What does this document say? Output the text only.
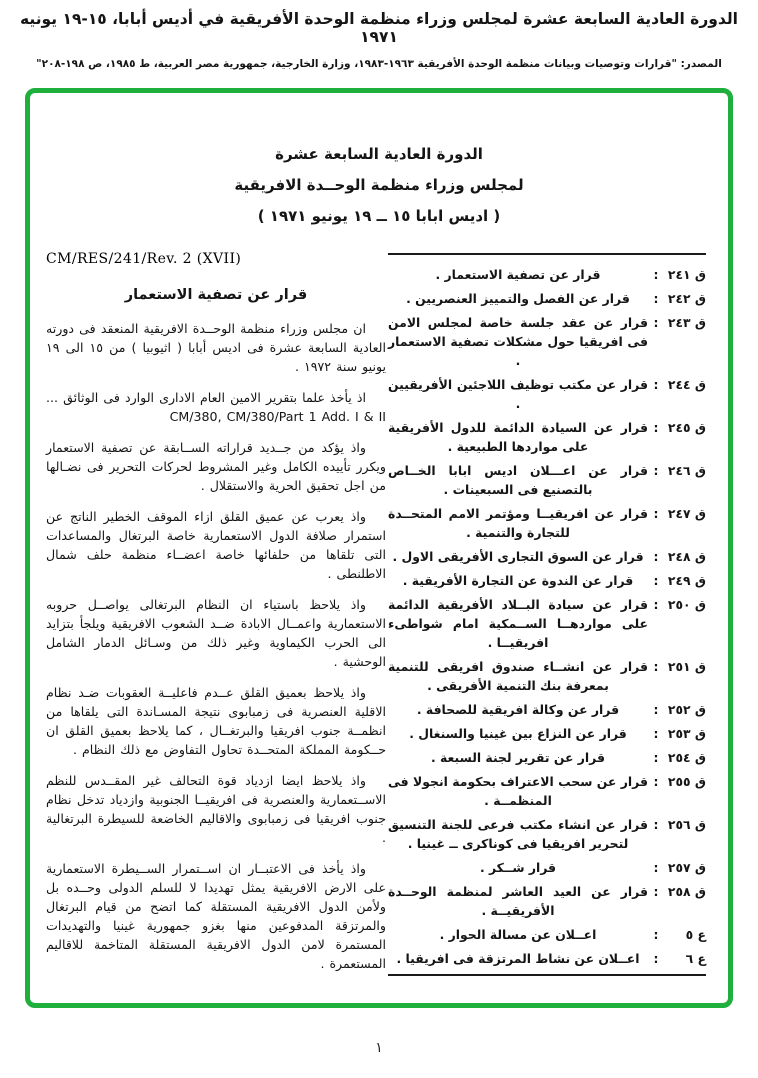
الدورة العادية السابعة عشرة لمجلس وزراء منظمة الوحدة الأفريقية في أديس أبابا، ١٥-١٩ يونيه ١٩٧١
المصدر: "قرارات وتوصيات وبيانات منظمة الوحدة الأفريقية ١٩٦٣-١٩٨٣، وزارة الخارجية، جمهورية مصر العربية، ط ١٩٨٥، ص ١٩٨-٢٠٨"
الدورة العادية السابعة عشرة
لمجلس وزراء منظمة الوحــدة الافريقية
( اديس ابابا ١٥ ــ ١٩ يونيو ١٩٧١ )
CM/RES/241/Rev. 2 (XVII)
قرار عن تصفية الاستعمار
ان مجلس وزراء منظمة الوحــدة الافريقية المنعقد فى دورته العادية السابعة عشرة فى اديس أبابا ( اثيوبيا ) من ١٥ الى ١٩ يونيو سنة ١٩٧٢ .
اذ يأخذ علما بتقرير الامين العام الادارى الوارد فى الوثائق ... CM/380, CM/380/Part 1 Add. I & II
واذ يؤكد من جــديد قراراته الســابقة عن تصفية الاستعمار ويكرر تأييده الكامل وغير المشروط لحركات التحرير فى نضـالها من اجل تحقيق الحرية والاستقلال .
واذ يعرب عن عميق القلق ازاء الموقف الخطير الناتج عن استمرار صلافة الدول الاستعمارية خاصة البرتغال والمساعدات التى تلقاها من حلفائها خاصة اعضــاء منظمة حلف شمال الاطلنطى .
واذ يلاحظ باستياء ان النظام البرتغالى يواصــل حروبه الاستعمارية واعمــال الابادة ضــد الشعوب الافريقية ويلجأ بتزايد الى الحرب الكيماوية وغير ذلك من وسـائل الدمار الشامل الوحشية .
واذ يلاحظ بعميق القلق عــدم فاعليــة العقوبات ضـد نظام الاقلية العنصرية فى زمبابوى نتيجة المسـاندة التى يلقاها من انظمــة جنوب افريقيا والبرتغــال ، كما يلاحظ بعميق القلق ان حــكومة المملكة المتحــدة تحاول التفاوض مع ذلك النظام .
واذ يلاحظ ايضا ازدياد قوة التحالف غير المقــدس للنظم الاســتعمارية والعنصرية فى افريقيــا الجنوبية وازدياد تدخل نظام جنوب افريقيا فى زمبابوى والاقاليم الخاضعة للسيطرة البرتغالية .
واذ يأخذ فى الاعتبــار ان اســتمرار الســيطرة الاستعمارية على الارض الافريقية يمثل تهديدا لا للسلم الدولى وحــده بل ولأمن الدول الافريقية المستقلة كما اتضح من قيام البرتغال والمرتزقة المدفوعين منها بغزو جمهورية غينيا والتهديدات المستمرة لامن الدول الافريقية المستقلة المتاخمة للاقاليم المستعمرة .
ق ٢٤١
:
قرار عن تصفية الاستعمار .
ق ٢٤٢
:
قرار عن الفصل والتمييز العنصريين .
ق ٢٤٣
:
قرار عن عقد جلسة خاصة لمجلس الامن فى افريقيا حول مشكلات تصفية الاستعمار .
ق ٢٤٤
:
قرار عن مكتب توظيف اللاجئين الأفريقيين .
ق ٢٤٥
:
قرار عن السيادة الدائمة للدول الأفريقية على مواردها الطبيعية .
ق ٢٤٦
:
قرار عن اعـــلان اديس ابابا الخــاص بالتصنيع فى السبعينات .
ق ٢٤٧
:
قرار عن افريقيــا ومؤتمر الامم المتحــدة للتجارة والتنمية .
ق ٢٤٨
:
قرار عن السوق التجارى الأفريقى الاول .
ق ٢٤٩
:
قرار عن الندوة عن التجارة الأفريقية .
ق ٢٥٠
:
قرار عن سيادة البــلاد الأفريقية الدائمة على مواردهــا الســمكية امام شواطىء افريقيــا .
ق ٢٥١
:
قرار عن انشــاء صندوق افريقى للتنمية بمعرفة بنك التنمية الأفريقى .
ق ٢٥٢
:
قرار عن وكالة افريقية للصحافة .
ق ٢٥٣
:
قرار عن النزاع بين غينيا والسنغال .
ق ٢٥٤
:
قرار عن تقرير لجنة السبعة .
ق ٢٥٥
:
قرار عن سحب الاعتراف بحكومة انجولا فى المنظمــة .
ق ٢٥٦
:
قرار عن انشاء مكتب فرعى للجنة التنسيق لتحرير افريقيا فى كوناكرى ــ غينيا .
ق ٢٥٧
:
قرار شــكر .
ق ٢٥٨
:
قرار عن العيد العاشر لمنظمة الوحــدة الأفريقيــة .
ع ٥
:
اعــلان عن مسالة الحوار .
ع ٦
:
اعــلان عن نشاط المرتزقة فى افريقيا .
١
